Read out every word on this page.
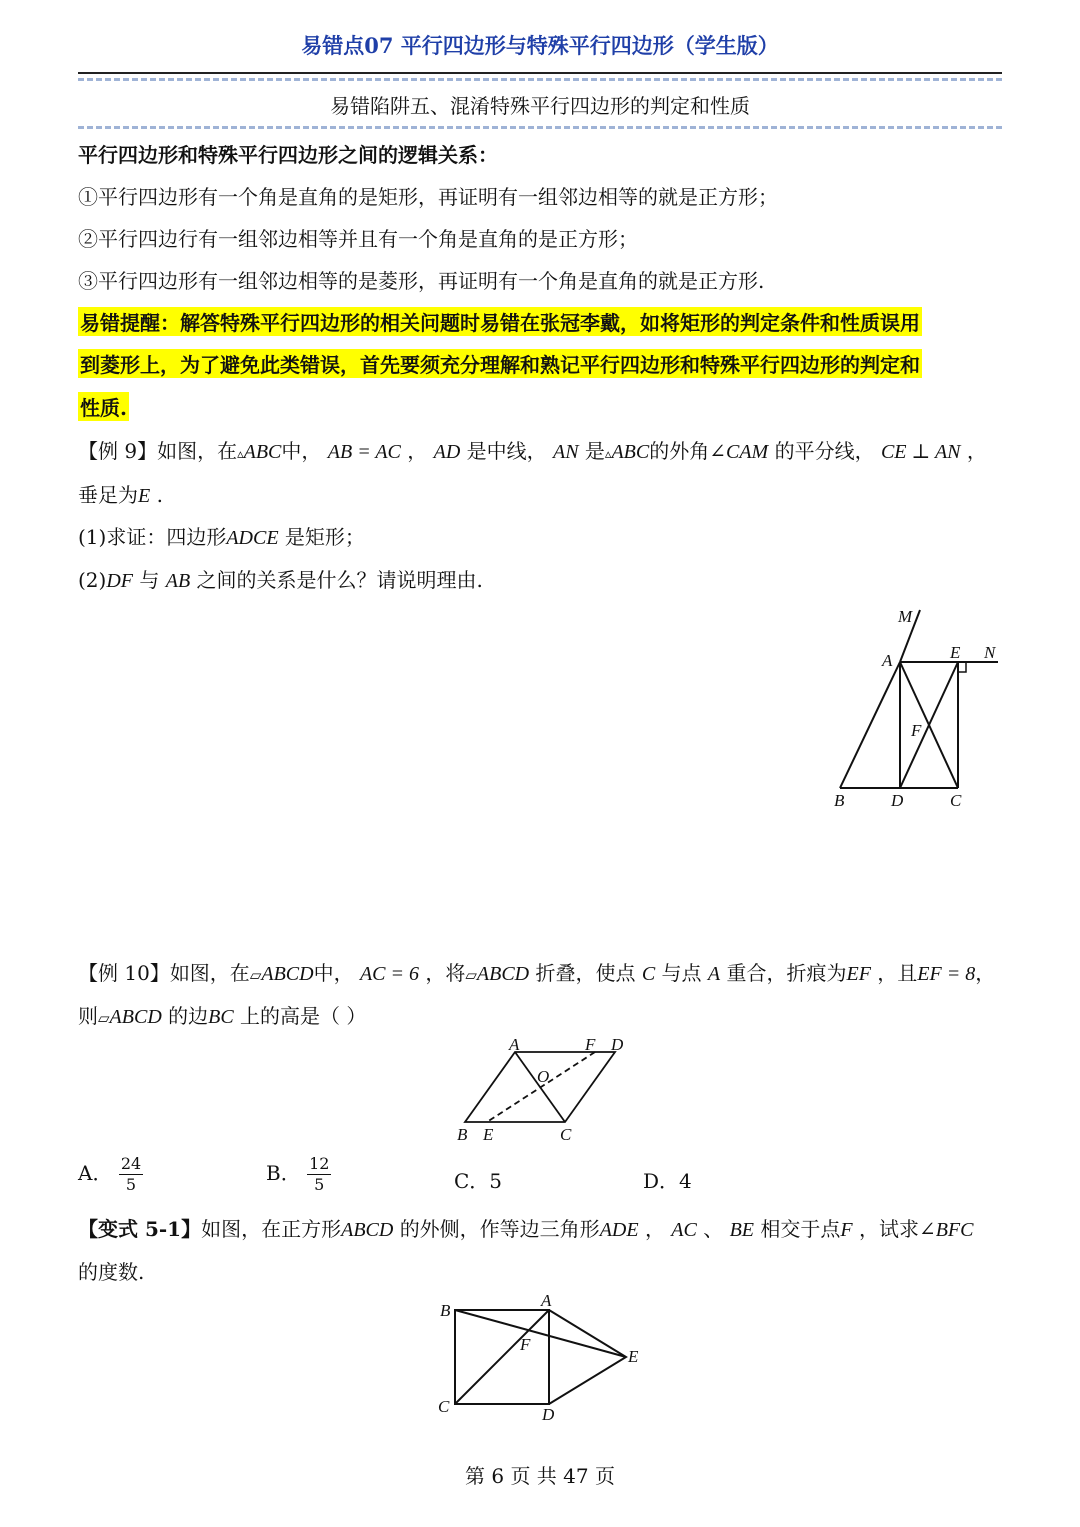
易错点07 平行四边形与特殊平行四边形（学生版）
易错陷阱五、混淆特殊平行四边形的判定和性质
平行四边形和特殊平行四边形之间的逻辑关系：
①平行四边形有一个角是直角的是矩形，再证明有一组邻边相等的就是正方形；
②平行四边行有一组邻边相等并且有一个角是直角的是正方形；
③平行四边形有一组邻边相等的是菱形，再证明有一个角是直角的就是正方形.
易错提醒：解答特殊平行四边形的相关问题时易错在张冠李戴，如将矩形的判定条件和性质误用
到菱形上，为了避免此类错误，首先要须充分理解和熟记平行四边形和特殊平行四边形的判定和
性质.
【例 9】如图，在▵ABC中， AB = AC ， AD 是中线， AN 是▵ABC的外角∠CAM 的平分线， CE ⊥ AN ，
垂足为E .
(1)求证：四边形ADCE 是矩形；
(2)DF 与 AB 之间的关系是什么？请说明理由.
M
A	E N
F
B	D	C
【例 10】如图，在▱ABCD中， AC = 6 ，将▱ABCD 折叠，使点 C 与点 A 重合，折痕为EF ，且EF = 8，
则▱ABCD 的边BC 上的高是（ ）
A	F D
O
B E	C
A． $\frac{24}{5}$	B． $\frac{12}{5}$	C．5	D．4
【变式 5-1】如图，在正方形ABCD 的外侧，作等边三角形ADE ， AC 、 BE 相交于点F ，试求∠BFC
的度数.
B
A
F
E
C	D
第 6 页 共 47 页
